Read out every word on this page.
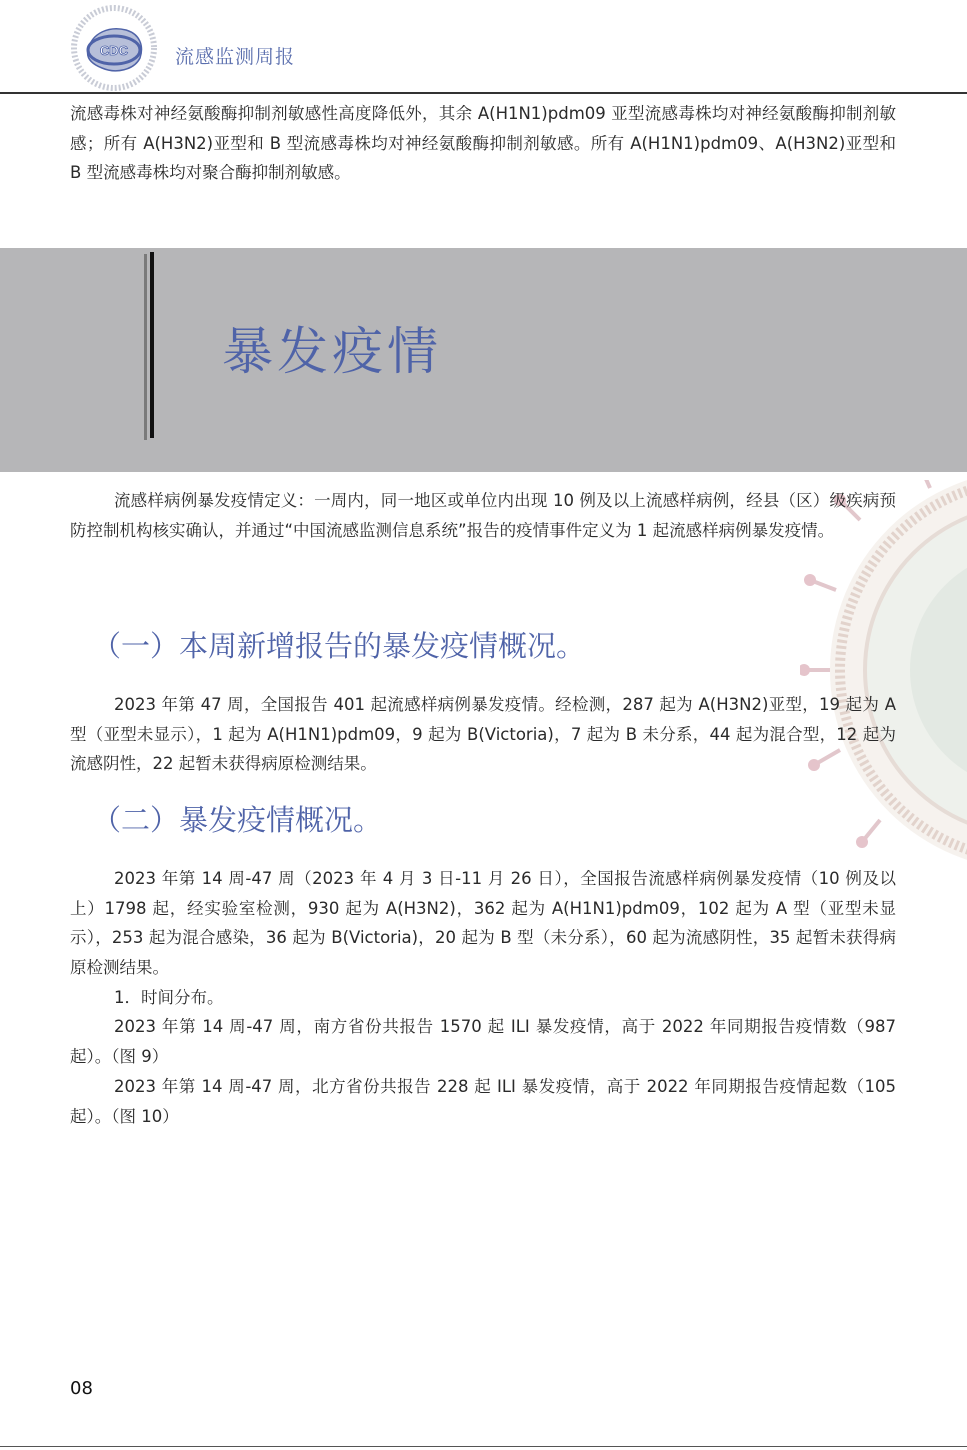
CDC 流感监测周报

流感毒株对神经氨酸酶抑制剂敏感性高度降低外，其余 A(H1N1)pdm09 亚型流感毒株均对神经氨酸酶抑制剂敏感；所有 A(H3N2)亚型和 B 型流感毒株均对神经氨酸酶抑制剂敏感。所有 A(H1N1)pdm09、A(H3N2)亚型和 B 型流感毒株均对聚合酶抑制剂敏感。

暴发疫情

流感样病例暴发疫情定义：一周内，同一地区或单位内出现 10 例及以上流感样病例，经县（区）级疾病预防控制机构核实确认，并通过“中国流感监测信息系统”报告的疫情事件定义为 1 起流感样病例暴发疫情。

（一）本周新增报告的暴发疫情概况。

2023 年第 47 周，全国报告 401 起流感样病例暴发疫情。经检测，287 起为 A(H3N2)亚型，19 起为 A 型（亚型未显示），1 起为 A(H1N1)pdm09，9 起为 B(Victoria)，7 起为 B 未分系，44 起为混合型，12 起为流感阴性，22 起暂未获得病原检测结果。

（二）暴发疫情概况。

2023 年第 14 周-47 周（2023 年 4 月 3 日-11 月 26 日），全国报告流感样病例暴发疫情（10 例及以上）1798 起，经实验室检测，930 起为 A(H3N2)，362 起为 A(H1N1)pdm09，102 起为 A 型（亚型未显示），253 起为混合感染，36 起为 B(Victoria)，20 起为 B 型（未分系），60 起为流感阴性，35 起暂未获得病原检测结果。

1．时间分布。

2023 年第 14 周-47 周，南方省份共报告 1570 起 ILI 暴发疫情，高于 2022 年同期报告疫情数（987 起）。（图 9）

2023 年第 14 周-47 周，北方省份共报告 228 起 ILI 暴发疫情，高于 2022 年同期报告疫情起数（105 起）。（图 10）

08
